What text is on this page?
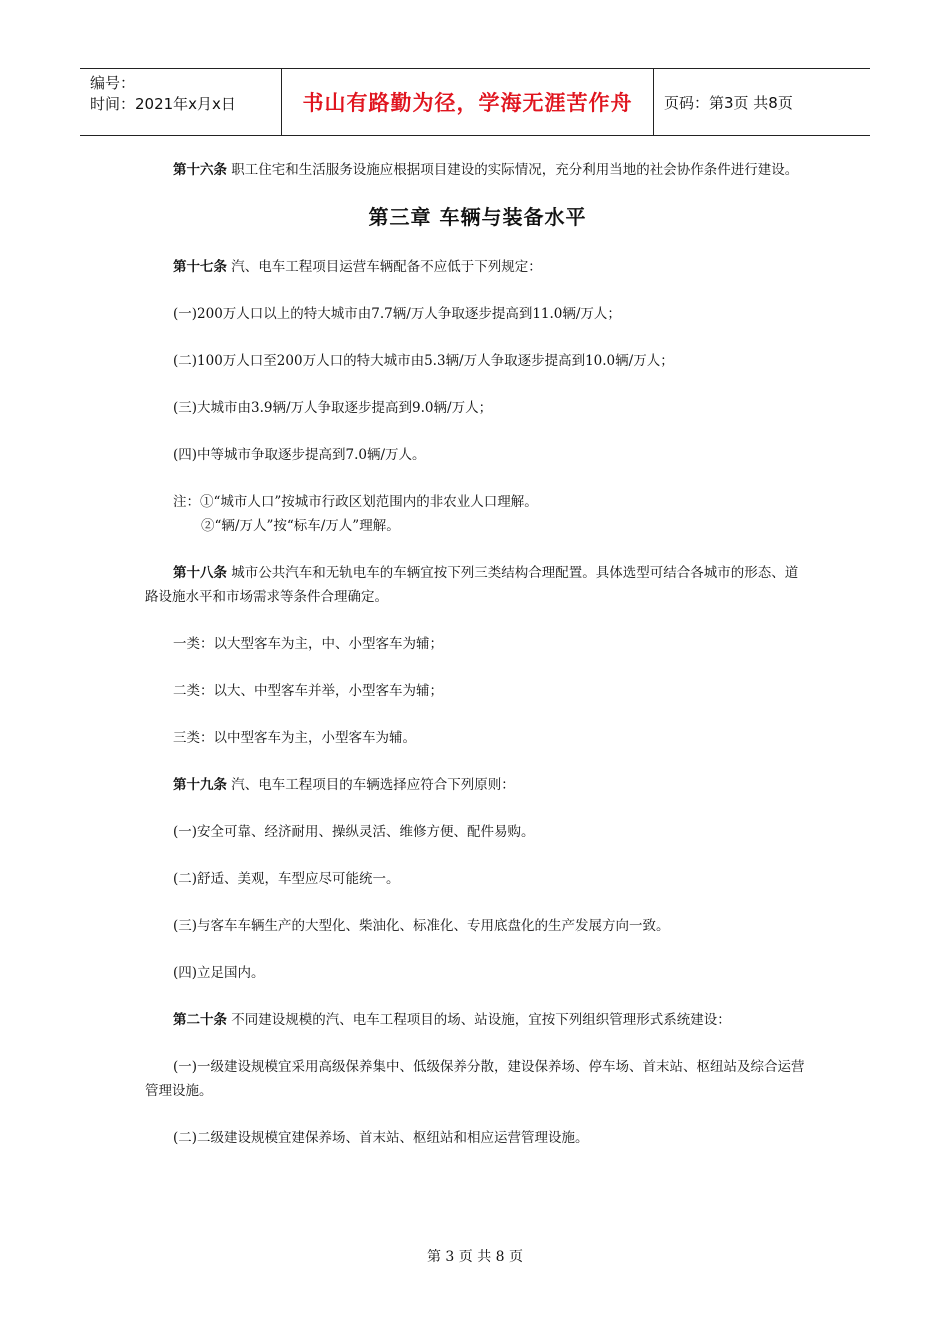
编号：
时间：2021年x月x日	书山有路勤为径，学海无涯苦作舟	页码：第3页 共8页

第十六条 职工住宅和生活服务设施应根据项目建设的实际情况，充分利用当地的社会协作条件进行建设。

第三章 车辆与装备水平

第十七条 汽、电车工程项目运营车辆配备不应低于下列规定：

(一)200万人口以上的特大城市由7.7辆/万人争取逐步提高到11.0辆/万人；

(二)100万人口至200万人口的特大城市由5.3辆/万人争取逐步提高到10.0辆/万人；

(三)大城市由3.9辆/万人争取逐步提高到9.0辆/万人；

(四)中等城市争取逐步提高到7.0辆/万人。

注：①“城市人口”按城市行政区划范围内的非农业人口理解。
②“辆/万人”按“标车/万人”理解。

第十八条 城市公共汽车和无轨电车的车辆宜按下列三类结构合理配置。具体选型可结合各城市的形态、道路设施水平和市场需求等条件合理确定。

一类：以大型客车为主，中、小型客车为辅；

二类：以大、中型客车并举，小型客车为辅；

三类：以中型客车为主，小型客车为辅。

第十九条 汽、电车工程项目的车辆选择应符合下列原则：

(一)安全可靠、经济耐用、操纵灵活、维修方便、配件易购。

(二)舒适、美观，车型应尽可能统一。

(三)与客车车辆生产的大型化、柴油化、标准化、专用底盘化的生产发展方向一致。

(四)立足国内。

第二十条 不同建设规模的汽、电车工程项目的场、站设施，宜按下列组织管理形式系统建设：

(一)一级建设规模宜采用高级保养集中、低级保养分散，建设保养场、停车场、首末站、枢纽站及综合运营管理设施。

(二)二级建设规模宜建保养场、首末站、枢纽站和相应运营管理设施。

第 3 页 共 8 页
